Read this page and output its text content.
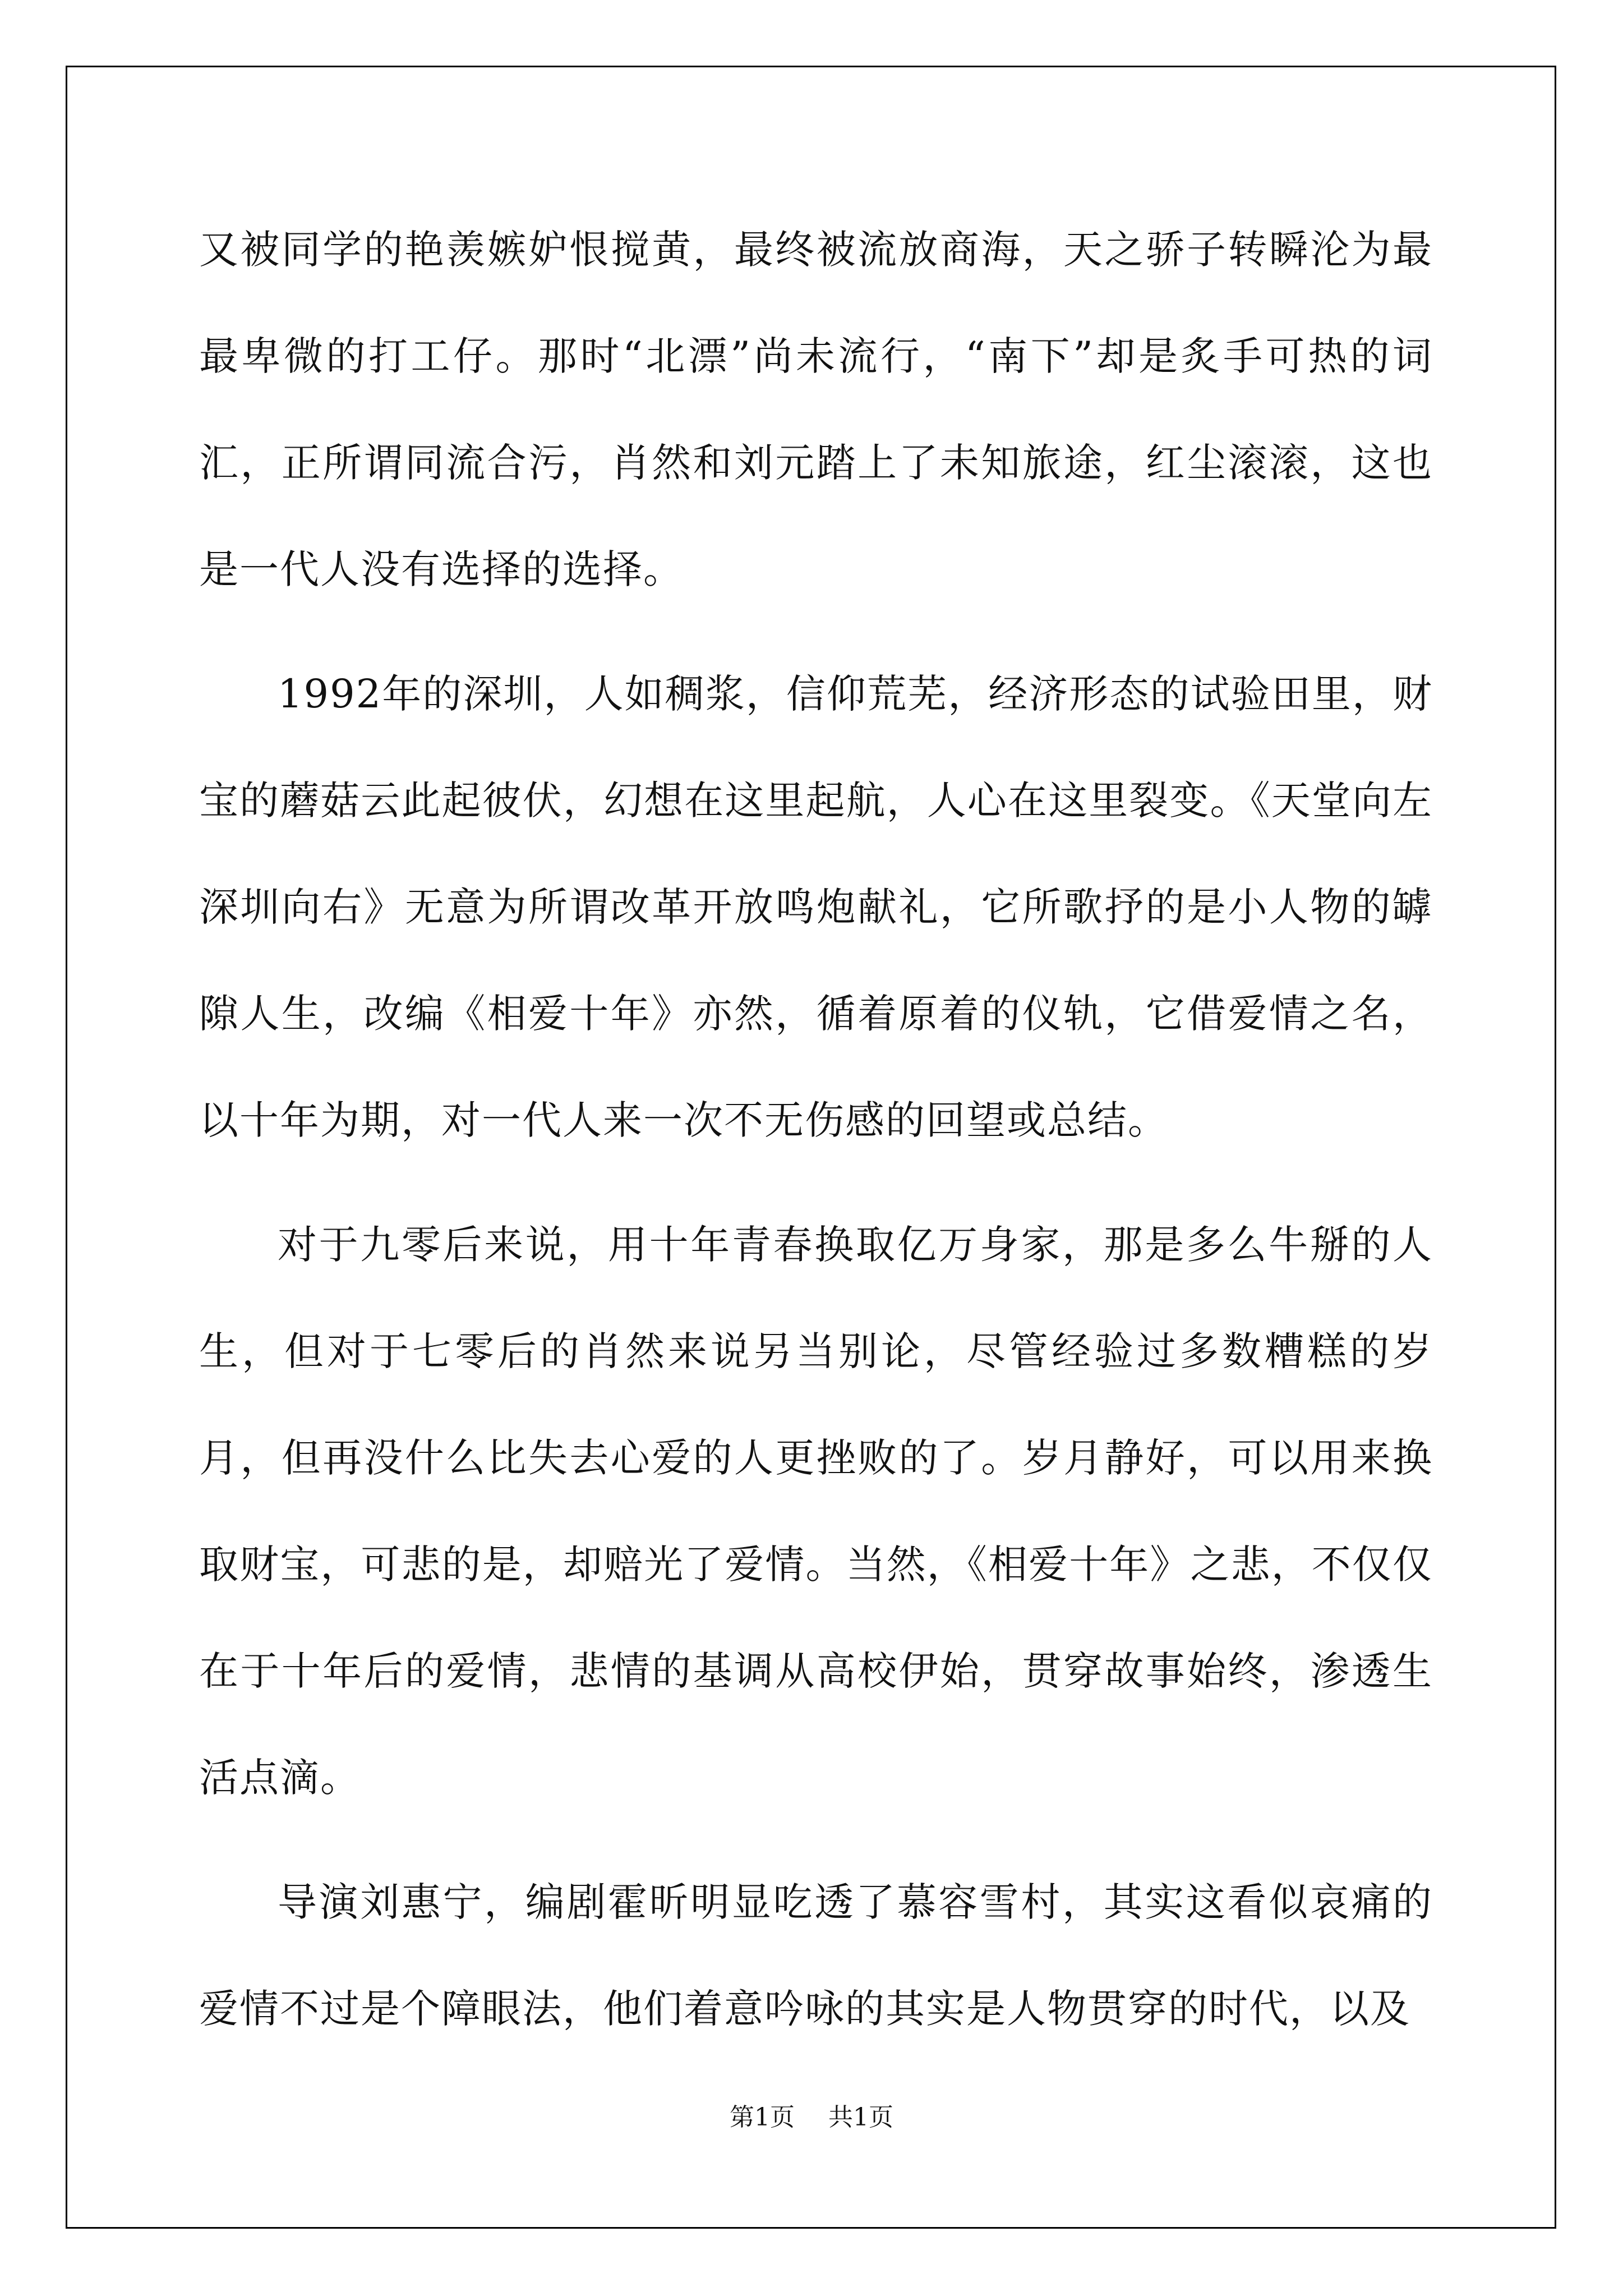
又被同学的艳羡嫉妒恨搅黄，最终被流放商海，天之骄子转瞬沦为最最卑微的打工仔。那时“北漂”尚未流行，“南下”却是炙手可热的词汇，正所谓同流合污，肖然和刘元踏上了未知旅途，红尘滚滚，这也是一代人没有选择的选择。

1992年的深圳，人如稠浆，信仰荒芜，经济形态的试验田里，财宝的蘑菇云此起彼伏，幻想在这里起航，人心在这里裂变。《天堂向左深圳向右》无意为所谓改革开放鸣炮献礼，它所歌抒的是小人物的罅隙人生，改编《相爱十年》亦然，循着原着的仪轨，它借爱情之名，以十年为期，对一代人来一次不无伤感的回望或总结。

对于九零后来说，用十年青春换取亿万身家，那是多么牛掰的人生，但对于七零后的肖然来说另当别论，尽管经验过多数糟糕的岁月，但再没什么比失去心爱的人更挫败的了。岁月静好，可以用来换取财宝，可悲的是，却赔光了爱情。当然，《相爱十年》之悲，不仅仅在于十年后的爱情，悲情的基调从高校伊始，贯穿故事始终，渗透生活点滴。

导演刘惠宁，编剧霍昕明显吃透了慕容雪村，其实这看似哀痛的爱情不过是个障眼法，他们着意吟咏的其实是人物贯穿的时代，以及

第1页 共1页
